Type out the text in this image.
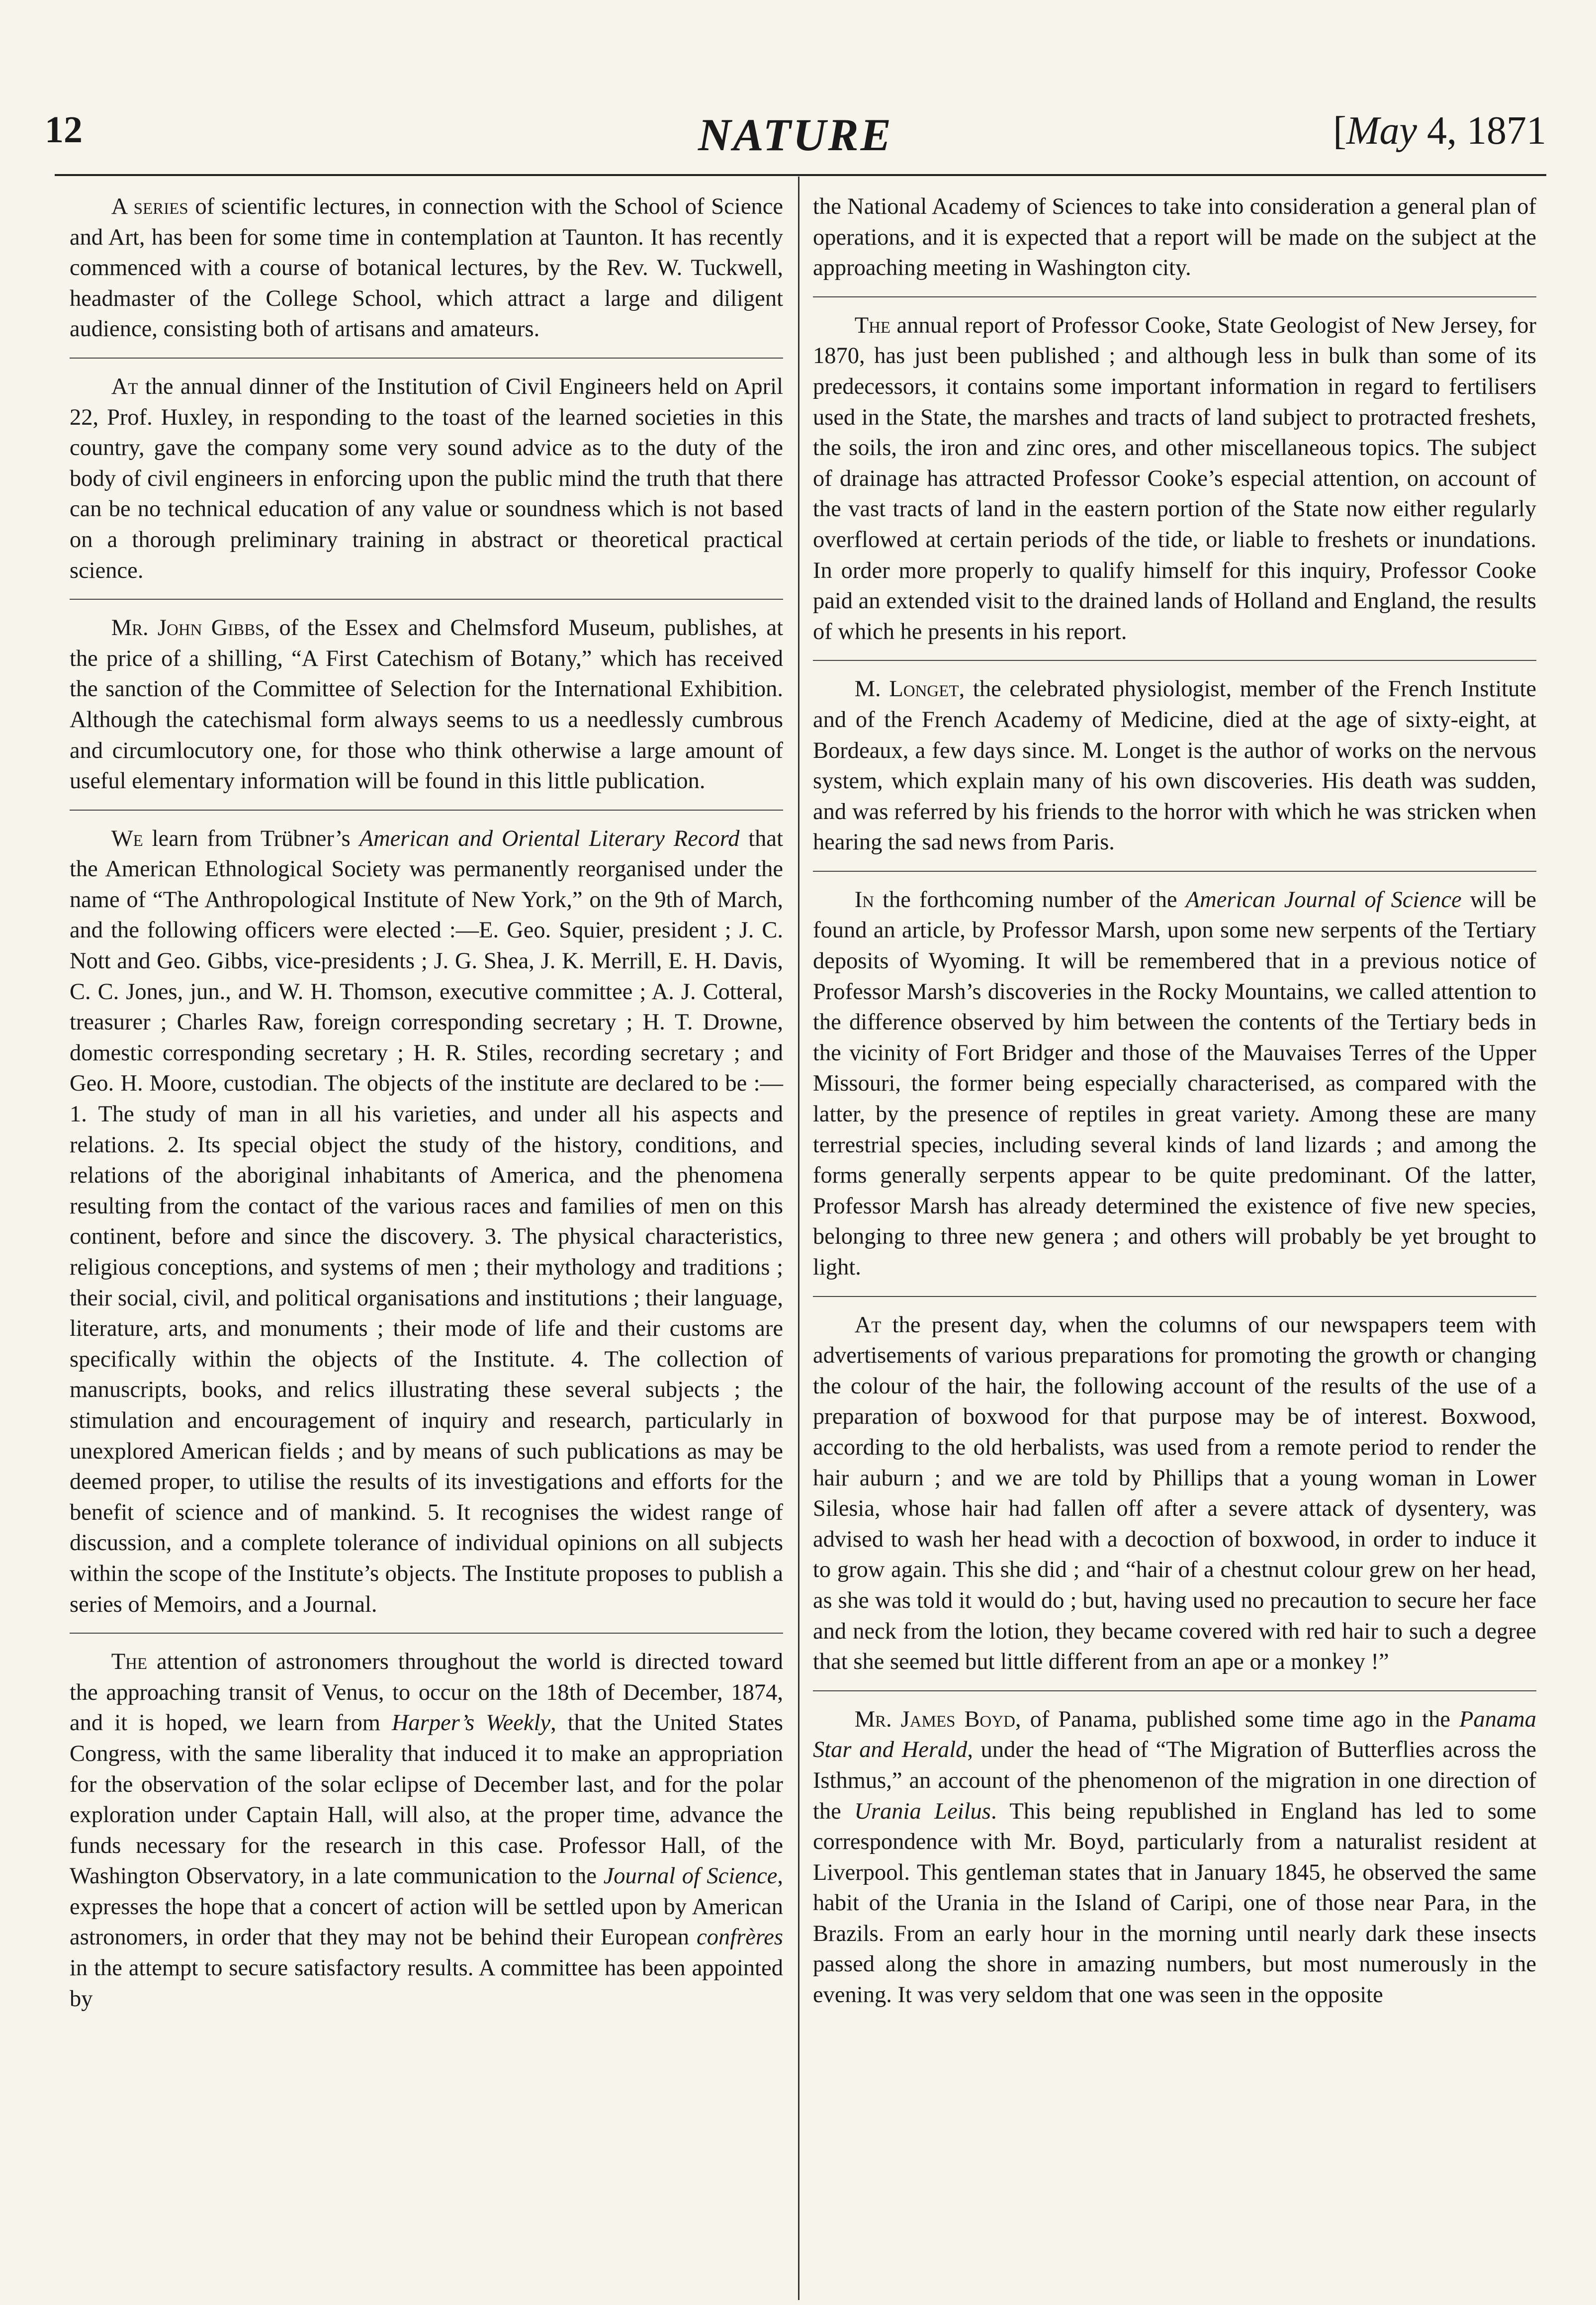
12	NATURE	[May 4, 1871

A series of scientific lectures, in connection with the School of Science and Art, has been for some time in contemplation at Taunton. It has recently commenced with a course of botanical lectures, by the Rev. W. Tuckwell, headmaster of the College School, which attract a large and diligent audience, consisting both of artisans and amateurs.

At the annual dinner of the Institution of Civil Engineers held on April 22, Prof. Huxley, in responding to the toast of the learned societies in this country, gave the company some very sound advice as to the duty of the body of civil engineers in enforcing upon the public mind the truth that there can be no technical education of any value or soundness which is not based on a thorough preliminary training in abstract or theoretical practical science.

Mr. John Gibbs, of the Essex and Chelmsford Museum, publishes, at the price of a shilling, “A First Catechism of Botany,” which has received the sanction of the Committee of Selection for the International Exhibition. Although the catechismal form always seems to us a needlessly cumbrous and circumlocutory one, for those who think otherwise a large amount of useful elementary information will be found in this little publication.

We learn from Trübner’s American and Oriental Literary Record that the American Ethnological Society was permanently reorganised under the name of “The Anthropological Institute of New York,” on the 9th of March, and the following officers were elected :—E. Geo. Squier, president ; J. C. Nott and Geo. Gibbs, vice-presidents ; J. G. Shea, J. K. Merrill, E. H. Davis, C. C. Jones, jun., and W. H. Thomson, executive committee ; A. J. Cotteral, treasurer ; Charles Raw, foreign corresponding secretary ; H. T. Drowne, domestic corresponding secretary ; H. R. Stiles, recording secretary ; and Geo. H. Moore, custodian. The objects of the institute are declared to be :—1. The study of man in all his varieties, and under all his aspects and relations. 2. Its special object the study of the history, conditions, and relations of the aboriginal inhabitants of America, and the phenomena resulting from the contact of the various races and families of men on this continent, before and since the discovery. 3. The physical characteristics, religious conceptions, and systems of men ; their mythology and traditions ; their social, civil, and political organisations and institutions ; their language, literature, arts, and monuments ; their mode of life and their customs are specifically within the objects of the Institute. 4. The collection of manuscripts, books, and relics illustrating these several subjects ; the stimulation and encouragement of inquiry and research, particularly in unexplored American fields ; and by means of such publications as may be deemed proper, to utilise the results of its investigations and efforts for the benefit of science and of mankind. 5. It recognises the widest range of discussion, and a complete tolerance of individual opinions on all subjects within the scope of the Institute’s objects. The Institute proposes to publish a series of Memoirs, and a Journal.

The attention of astronomers throughout the world is directed toward the approaching transit of Venus, to occur on the 18th of December, 1874, and it is hoped, we learn from Harper’s Weekly, that the United States Congress, with the same liberality that induced it to make an appropriation for the observation of the solar eclipse of December last, and for the polar exploration under Captain Hall, will also, at the proper time, advance the funds necessary for the research in this case. Professor Hall, of the Washington Observatory, in a late communication to the Journal of Science, expresses the hope that a concert of action will be settled upon by American astronomers, in order that they may not be behind their European confrères in the attempt to secure satisfactory results. A committee has been appointed by

the National Academy of Sciences to take into consideration a general plan of operations, and it is expected that a report will be made on the subject at the approaching meeting in Washington city.

The annual report of Professor Cooke, State Geologist of New Jersey, for 1870, has just been published ; and although less in bulk than some of its predecessors, it contains some important information in regard to fertilisers used in the State, the marshes and tracts of land subject to protracted freshets, the soils, the iron and zinc ores, and other miscellaneous topics. The subject of drainage has attracted Professor Cooke’s especial attention, on account of the vast tracts of land in the eastern portion of the State now either regularly overflowed at certain periods of the tide, or liable to freshets or inundations. In order more properly to qualify himself for this inquiry, Professor Cooke paid an extended visit to the drained lands of Holland and England, the results of which he presents in his report.

M. Longet, the celebrated physiologist, member of the French Institute and of the French Academy of Medicine, died at the age of sixty-eight, at Bordeaux, a few days since. M. Longet is the author of works on the nervous system, which explain many of his own discoveries. His death was sudden, and was referred by his friends to the horror with which he was stricken when hearing the sad news from Paris.

In the forthcoming number of the American Journal of Science will be found an article, by Professor Marsh, upon some new serpents of the Tertiary deposits of Wyoming. It will be remembered that in a previous notice of Professor Marsh’s discoveries in the Rocky Mountains, we called attention to the difference observed by him between the contents of the Tertiary beds in the vicinity of Fort Bridger and those of the Mauvaises Terres of the Upper Missouri, the former being especially characterised, as compared with the latter, by the presence of reptiles in great variety. Among these are many terrestrial species, including several kinds of land lizards ; and among the forms generally serpents appear to be quite predominant. Of the latter, Professor Marsh has already determined the existence of five new species, belonging to three new genera ; and others will probably be yet brought to light.

At the present day, when the columns of our newspapers teem with advertisements of various preparations for promoting the growth or changing the colour of the hair, the following account of the results of the use of a preparation of boxwood for that purpose may be of interest. Boxwood, according to the old herbalists, was used from a remote period to render the hair auburn ; and we are told by Phillips that a young woman in Lower Silesia, whose hair had fallen off after a severe attack of dysentery, was advised to wash her head with a decoction of boxwood, in order to induce it to grow again. This she did ; and “hair of a chestnut colour grew on her head, as she was told it would do ; but, having used no precaution to secure her face and neck from the lotion, they became covered with red hair to such a degree that she seemed but little different from an ape or a monkey !”

Mr. James Boyd, of Panama, published some time ago in the Panama Star and Herald, under the head of “The Migration of Butterflies across the Isthmus,” an account of the phenomenon of the migration in one direction of the Urania Leilus. This being republished in England has led to some correspondence with Mr. Boyd, particularly from a naturalist resident at Liverpool. This gentleman states that in January 1845, he observed the same habit of the Urania in the Island of Caripi, one of those near Para, in the Brazils. From an early hour in the morning until nearly dark these insects passed along the shore in amazing numbers, but most numerously in the evening. It was very seldom that one was seen in the opposite
